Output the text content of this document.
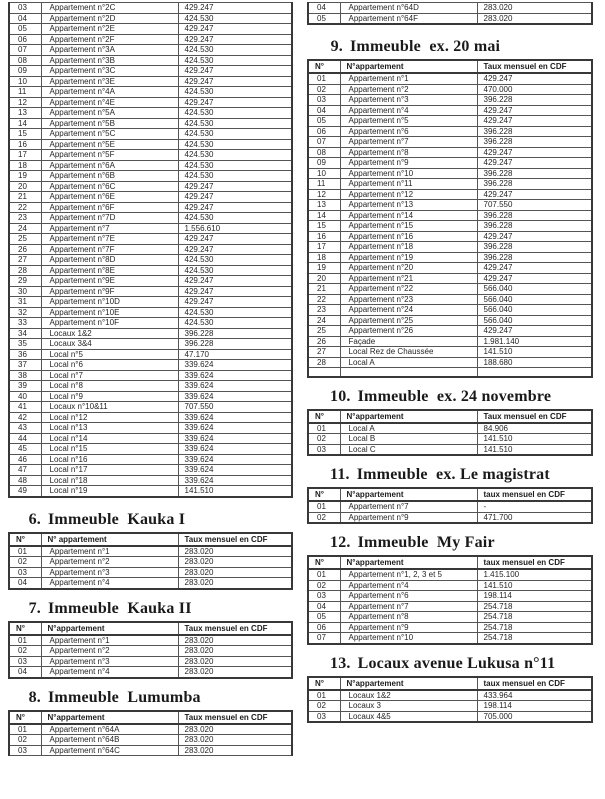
03	Appartement n°2C	429.247
04	Appartement n°2D	424.530
05	Appartement n°2E	429.247
06	Appartement n°2F	429.247
07	Appartement n°3A	424.530
08	Appartement n°3B	424.530
09	Appartement n°3C	429.247
10	Appartement n°3E	429.247
11	Appartement n°4A	424.530
12	Appartement n°4E	429.247
13	Appartement n°5A	424.530
14	Appartement n°5B	424.530
15	Appartement n°5C	424.530
16	Appartement n°5E	424.530
17	Appartement n°5F	424.530
18	Appartement n°6A	424.530
19	Appartement n°6B	424.530
20	Appartement n°6C	429.247
21	Appartement n°6E	429.247
22	Appartement n°6F	429.247
23	Appartement n°7D	424.530
24	Appartement n°7	1.556.610
25	Appartement n°7E	429.247
26	Appartement n°7F	429.247
27	Appartement n°8D	424.530
28	Appartement n°8E	424.530
29	Appartement n°9E	429.247
30	Appartement n°9F	429.247
31	Appartement n°10D	429.247
32	Appartement n°10E	424.530
33	Appartement n°10F	424.530
34	Locaux 1&2	396.228
35	Locaux 3&4	396.228
36	Local n°5	47.170
37	Local n°6	339.624
38	Local n°7	339.624
39	Local n°8	339.624
40	Local n°9	339.624
41	Locaux n°10&11	707.550
42	Local n°12	339.624
43	Local n°13	339.624
44	Local n°14	339.624
45	Local n°15	339.624
46	Local n°16	339.624
47	Local n°17	339.624
48	Local n°18	339.624
49	Local n°19	141.510
6. Immeuble  Kauka I
N°	N° appartement	Taux mensuel en CDF
01	Appartement n°1	283.020
02	Appartement n°2	283.020
03	Appartement n°3	283.020
04	Appartement n°4	283.020
7. Immeuble  Kauka II
N°	N°appartement	Taux mensuel en CDF
01	Appartement n°1	283.020
02	Appartement n°2	283.020
03	Appartement n°3	283.020
04	Appartement n°4	283.020
8. Immeuble  Lumumba
N°	N°appartement	Taux mensuel en CDF
01	Appartement n°64A	283.020
02	Appartement n°64B	283.020
03	Appartement n°64C	283.020
04	Appartement n°64D	283.020
05	Appartement n°64F	283.020
9. Immeuble  ex. 20 mai
N°	N°appartement	Taux mensuel en CDF
01	Appartement n°1	429.247
02	Appartement n°2	470.000
03	Appartement n°3	396.228
04	Appartement n°4	429.247
05	Appartement n°5	429.247
06	Appartement n°6	396.228
07	Appartement n°7	396.228
08	Appartement n°8	429.247
09	Appartement n°9	429.247
10	Appartement n°10	396.228
11	Appartement n°11	396.228
12	Appartement n°12	429.247
13	Appartement n°13	707.550
14	Appartement n°14	396.228
15	Appartement n°15	396.228
16	Appartement n°16	429.247
17	Appartement n°18	396.228
18	Appartement n°19	396.228
19	Appartement n°20	429.247
20	Appartement n°21	429.247
21	Appartement n°22	566.040
22	Appartement n°23	566.040
23	Appartement n°24	566.040
24	Appartement n°25	566.040
25	Appartement n°26	429.247
26	Façade	1.981.140
27	Local Rez de Chaussée	141.510
28	Local A	188.680

10. Immeuble  ex. 24 novembre
N°	N°appartement	Taux mensuel en CDF
01	Local A	84.906
02	Local B	141.510
03	Local C	141.510
11. Immeuble  ex. Le magistrat
N°	N°appartement	taux mensuel en CDF
01	Appartement n°7	-
02	Appartement n°9	471.700
12. Immeuble  My Fair
N°	N°appartement	taux mensuel en CDF
01	Appartement n°1, 2, 3 et 5	1.415.100
02	Appartement n°4	141.510
03	Appartement n°6	198.114
04	Appartement n°7	254.718
05	Appartement n°8	254.718
06	Appartement n°9	254.718
07	Appartement n°10	254.718
13. Locaux avenue Lukusa n°11
N°	N°appartement	taux mensuel en CDF
01	Locaux 1&2	433.964
02	Locaux 3	198.114
03	Locaux 4&5	705.000
